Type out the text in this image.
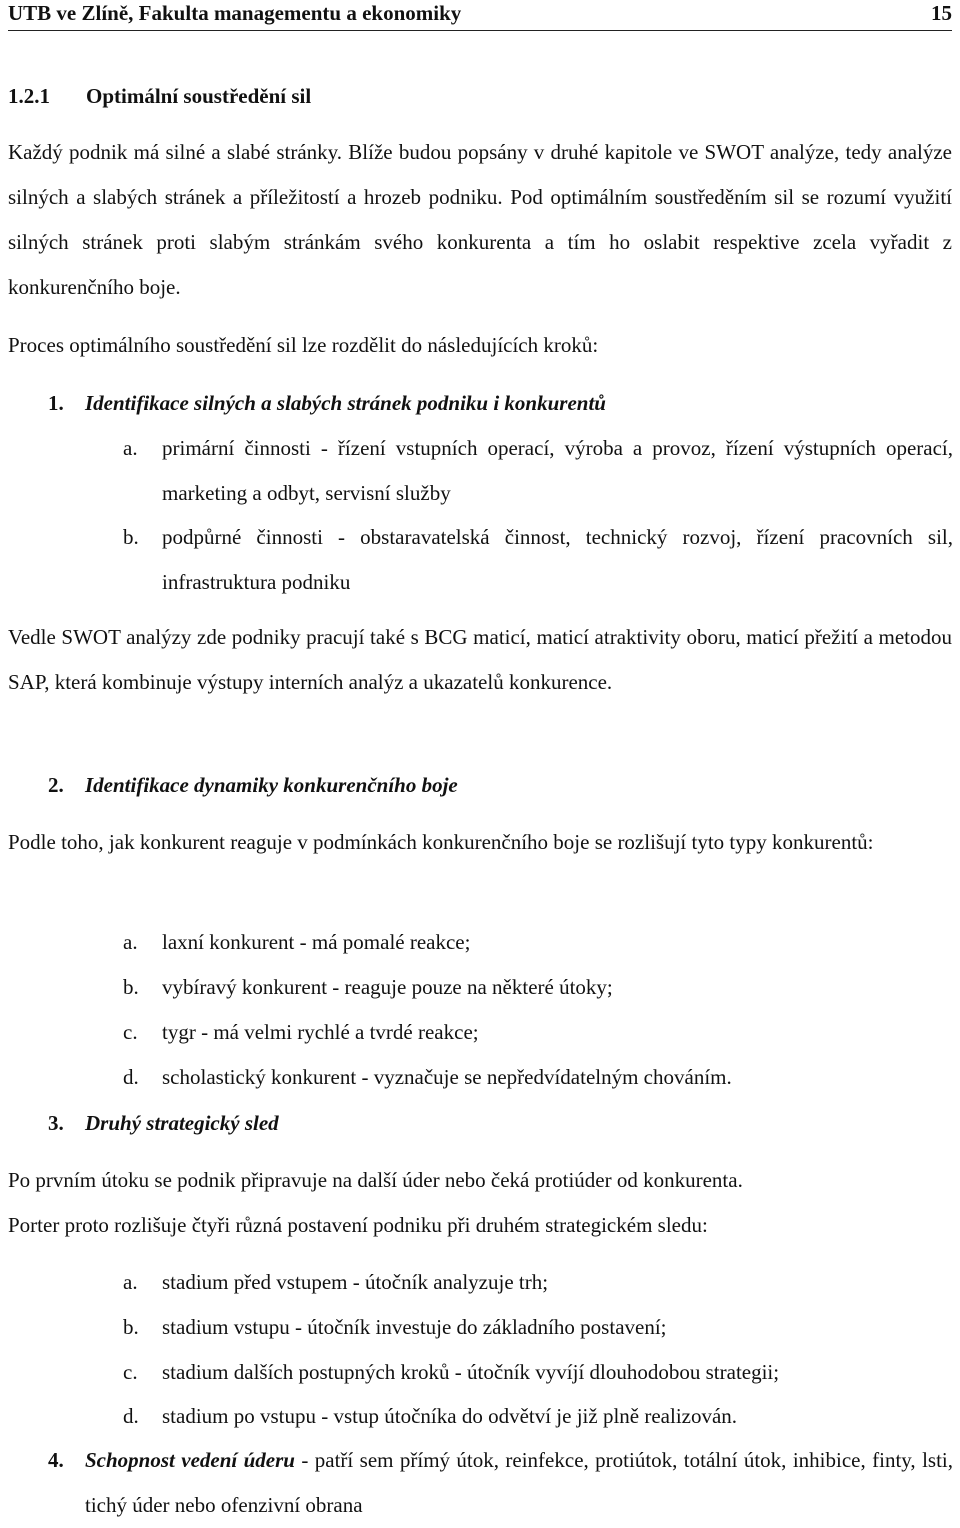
UTB ve Zlíně, Fakulta managementu a ekonomiky	15
1.2.1 Optimální soustředění sil
Každý podnik má silné a slabé stránky. Blíže budou popsány v druhé kapitole ve SWOT analýze, tedy analýze silných a slabých stránek a příležitostí a hrozeb podniku. Pod optimálním soustředěním sil se rozumí využití silných stránek proti slabým stránkám svého konkurenta a tím ho oslabit respektive zcela vyřadit z konkurenčního boje.
Proces optimálního soustředění sil lze rozdělit do následujících kroků:
1. Identifikace silných a slabých stránek podniku i konkurentů
a. primární činnosti - řízení vstupních operací, výroba a provoz, řízení výstupních operací, marketing a odbyt, servisní služby
b. podpůrné činnosti - obstaravatelská činnost, technický rozvoj, řízení pracovních sil, infrastruktura podniku
Vedle SWOT analýzy zde podniky pracují také s BCG maticí, maticí atraktivity oboru, maticí přežití a metodou SAP, která kombinuje výstupy interních analýz a ukazatelů konkurence.
2. Identifikace dynamiky konkurenčního boje
Podle toho, jak konkurent reaguje v podmínkách konkurenčního boje se rozlišují tyto typy konkurentů:
a. laxní konkurent - má pomalé reakce;
b. vybíravý konkurent - reaguje pouze na některé útoky;
c. tygr - má velmi rychlé a tvrdé reakce;
d. scholastický konkurent - vyznačuje se nepředvídatelným chováním.
3. Druhý strategický sled
Po prvním útoku se podnik připravuje na další úder nebo čeká protiúder od konkurenta.
Porter proto rozlišuje čtyři různá postavení podniku při druhém strategickém sledu:
a. stadium před vstupem - útočník analyzuje trh;
b. stadium vstupu - útočník investuje do základního postavení;
c. stadium dalších postupných kroků - útočník vyvíjí dlouhodobou strategii;
d. stadium po vstupu - vstup útočníka do odvětví je již plně realizován.
4. Schopnost vedení úderu - patří sem přímý útok, reinfekce, protiútok, totální útok, inhibice, finty, lsti, tichý úder nebo ofenzivní obrana
